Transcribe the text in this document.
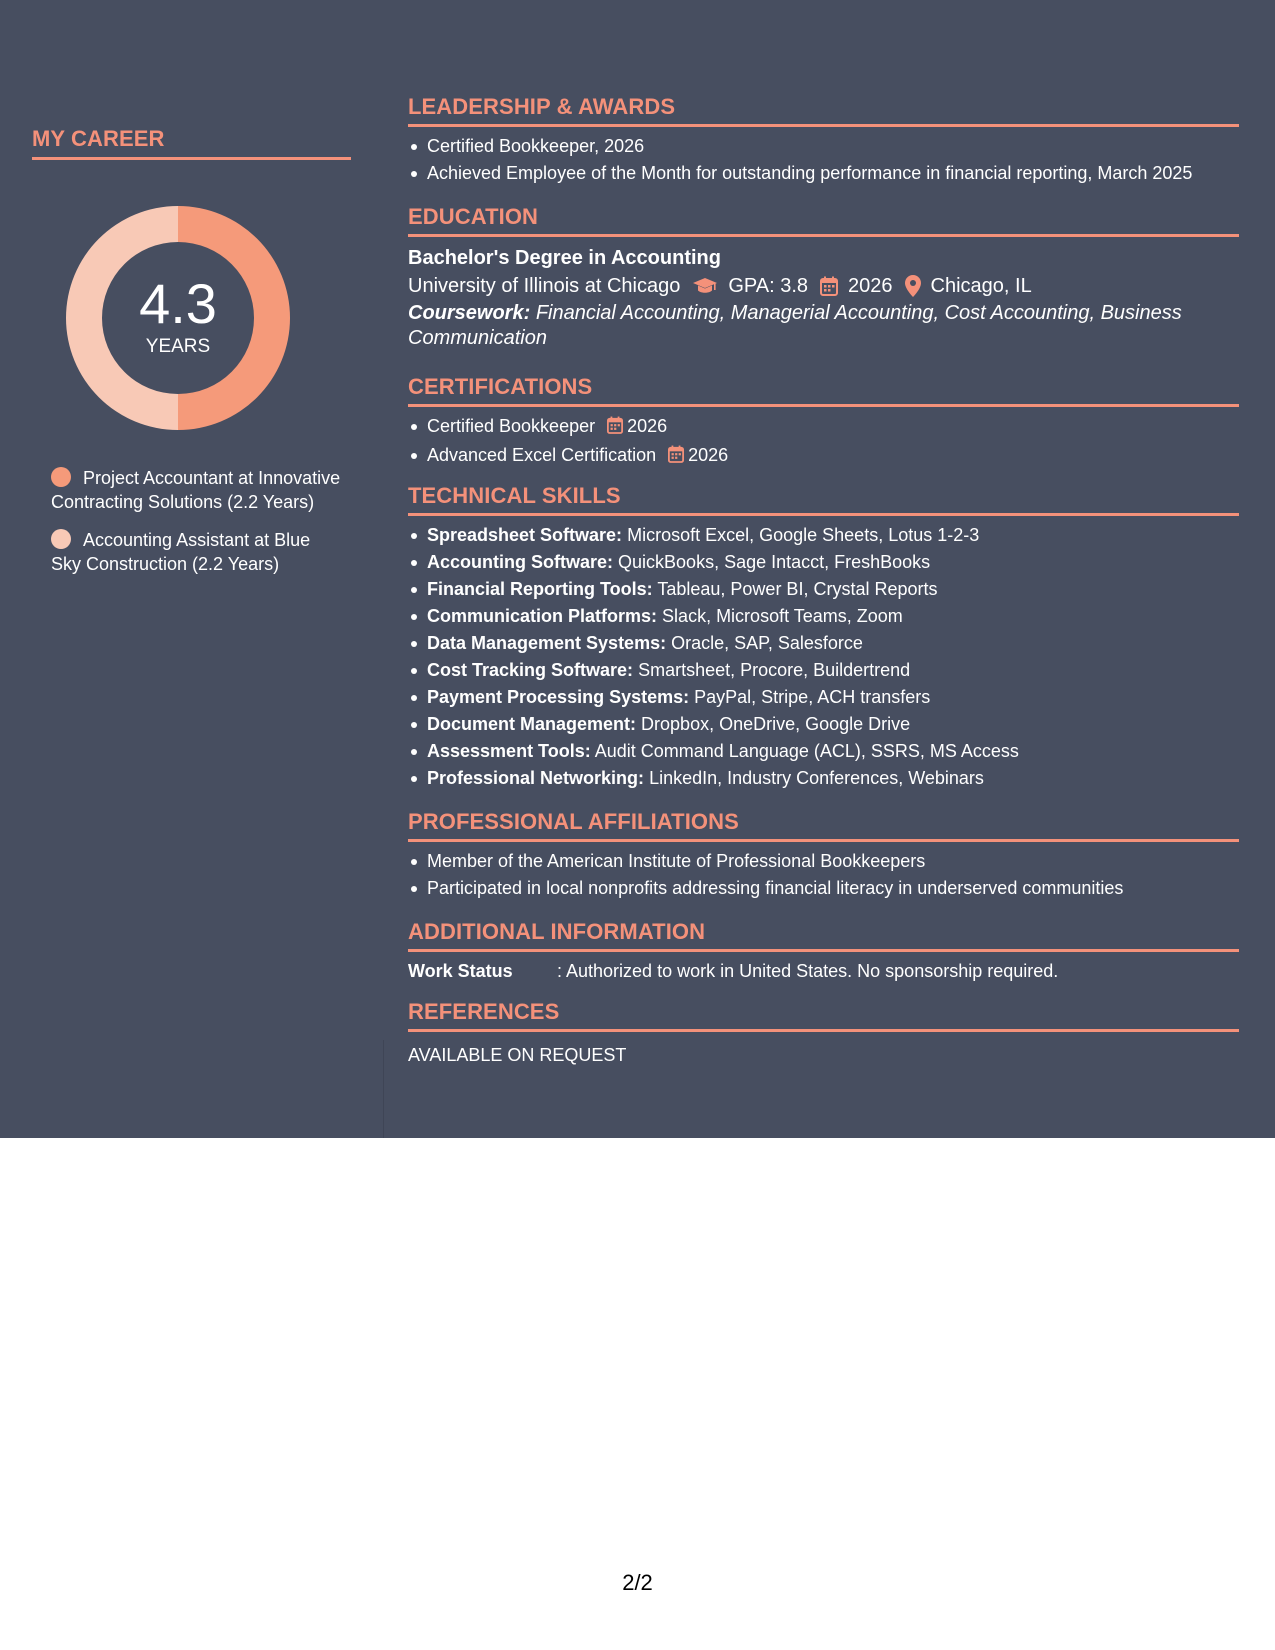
MY CAREER
4.3
YEARS
Project Accountant at Innovative Contracting Solutions (2.2 Years)
Accounting Assistant at Blue Sky Construction (2.2 Years)
LEADERSHIP & AWARDS
Certified Bookkeeper, 2026
Achieved Employee of the Month for outstanding performance in financial reporting, March 2025
EDUCATION
Bachelor's Degree in Accounting
University of Illinois at Chicago GPA: 3.8 2026 Chicago, IL
Coursework: Financial Accounting, Managerial Accounting, Cost Accounting, Business Communication
CERTIFICATIONS
Certified Bookkeeper 2026
Advanced Excel Certification 2026
TECHNICAL SKILLS
Spreadsheet Software: Microsoft Excel, Google Sheets, Lotus 1-2-3
Accounting Software: QuickBooks, Sage Intacct, FreshBooks
Financial Reporting Tools: Tableau, Power BI, Crystal Reports
Communication Platforms: Slack, Microsoft Teams, Zoom
Data Management Systems: Oracle, SAP, Salesforce
Cost Tracking Software: Smartsheet, Procore, Buildertrend
Payment Processing Systems: PayPal, Stripe, ACH transfers
Document Management: Dropbox, OneDrive, Google Drive
Assessment Tools: Audit Command Language (ACL), SSRS, MS Access
Professional Networking: LinkedIn, Industry Conferences, Webinars
PROFESSIONAL AFFILIATIONS
Member of the American Institute of Professional Bookkeepers
Participated in local nonprofits addressing financial literacy in underserved communities
ADDITIONAL INFORMATION
Work Status	: Authorized to work in United States. No sponsorship required.
REFERENCES
AVAILABLE ON REQUEST
2/2
